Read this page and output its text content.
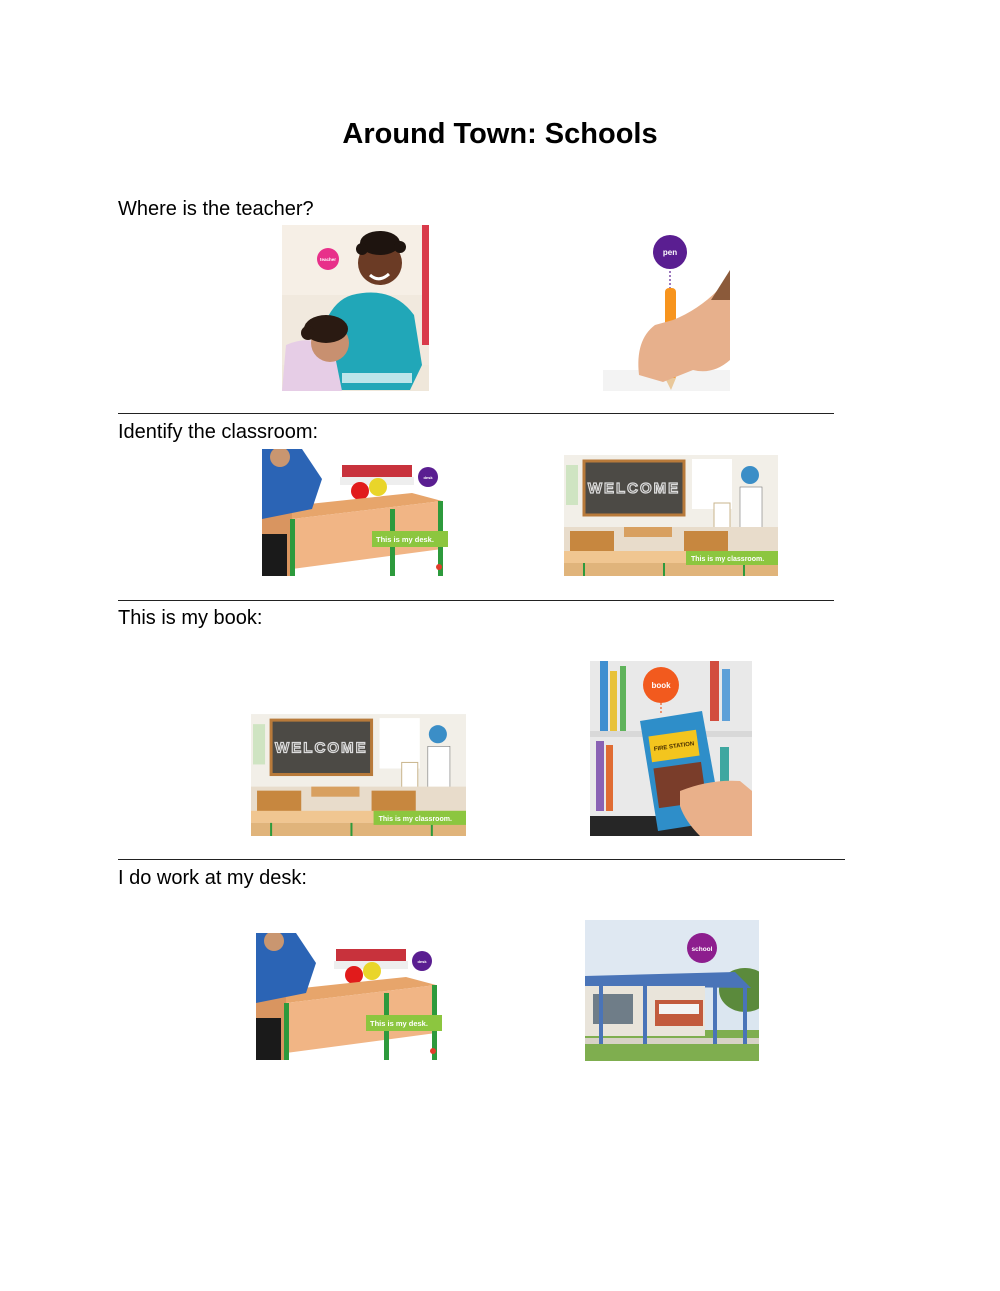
Around Town: Schools
Where is the teacher?
teacher
pen
Identify the classroom:
desk
This is my desk.
WELCOME
This is my classroom.
This is my book:
WELCOME
This is my classroom.
FIRE STATION
book
I do work at my desk:
desk
This is my desk.
school
